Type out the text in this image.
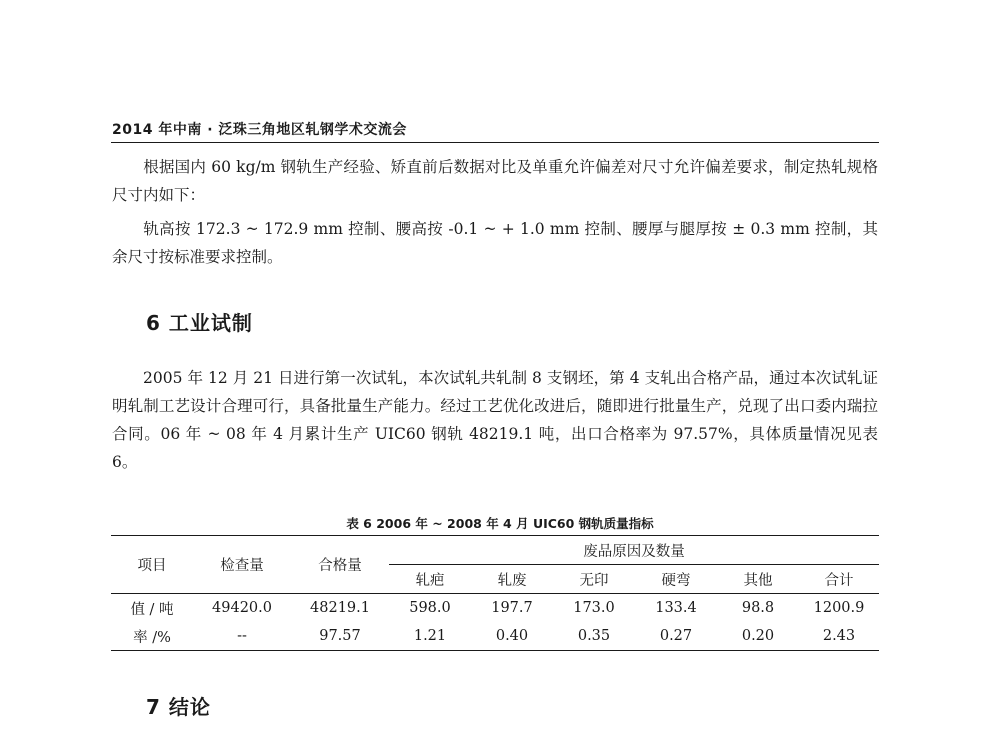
2014 年中南 · 泛珠三角地区轧钢学术交流会

根据国内 60 kg/m 钢轨生产经验、矫直前后数据对比及单重允许偏差对尺寸允许偏差要求，制定热轧规格尺寸内如下：

轨高按 172.3 ~ 172.9 mm 控制、腰高按 -0.1 ~ + 1.0 mm 控制、腰厚与腿厚按 ± 0.3 mm 控制，其余尺寸按标准要求控制。

6 工业试制

2005 年 12 月 21 日进行第一次试轧，本次试轧共轧制 8 支钢坯，第 4 支轧出合格产品，通过本次试轧证明轧制工艺设计合理可行，具备批量生产能力。经过工艺优化改进后，随即进行批量生产，兑现了出口委内瑞拉合同。06 年 ~ 08 年 4 月累计生产 UIC60 钢轨 48219.1 吨，出口合格率为 97.57%，具体质量情况见表 6。

表 6 2006 年 ~ 2008 年 4 月 UIC60 钢轨质量指标
项目	检查量	合格量	废品原因及数量					
			轧疤	轧废	无印	硬弯	其他	合计
值 / 吨	49420.0	48219.1	598.0	197.7	173.0	133.4	98.8	1200.9
率 /%	--	97.57	1.21	0.40	0.35	0.27	0.20	2.43
7 结论
